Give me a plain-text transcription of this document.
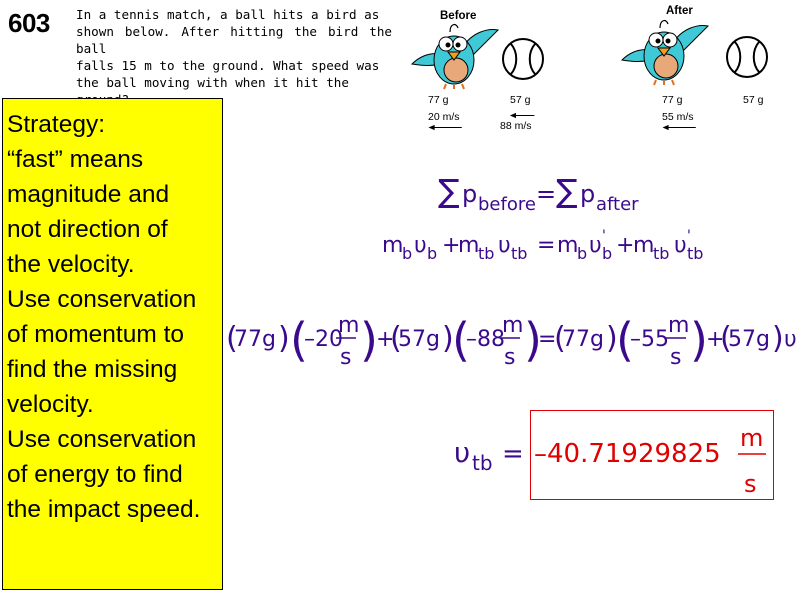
603 In a tennis match, a ball hits a bird as
shown below. After hitting the bird the ball
falls 15 m to the ground. What speed was
the ball moving with when it hit the
Before	After
77 g	57 g	77 g	57 g
20 m/s
88 m/s
55 m/s
Strategy:
“fast” means
magnitude and
not direction of
the velocity.
Use conservation
of momentum to
find the missing
velocity.
Use conservation
of energy to find
the impact speed.
∑ p before = ∑ p after
m
b υ b +
m
tb υ tb = m
b υ '
b +
m
tb υ '
tb
(
77g ) (
–20
m
s )
+
(
57g )
(
–88
m
s )
=
(
77g )
(
–55
m
s )
+
(
57g ) υ
υ tb = –40.71929825
m
s
